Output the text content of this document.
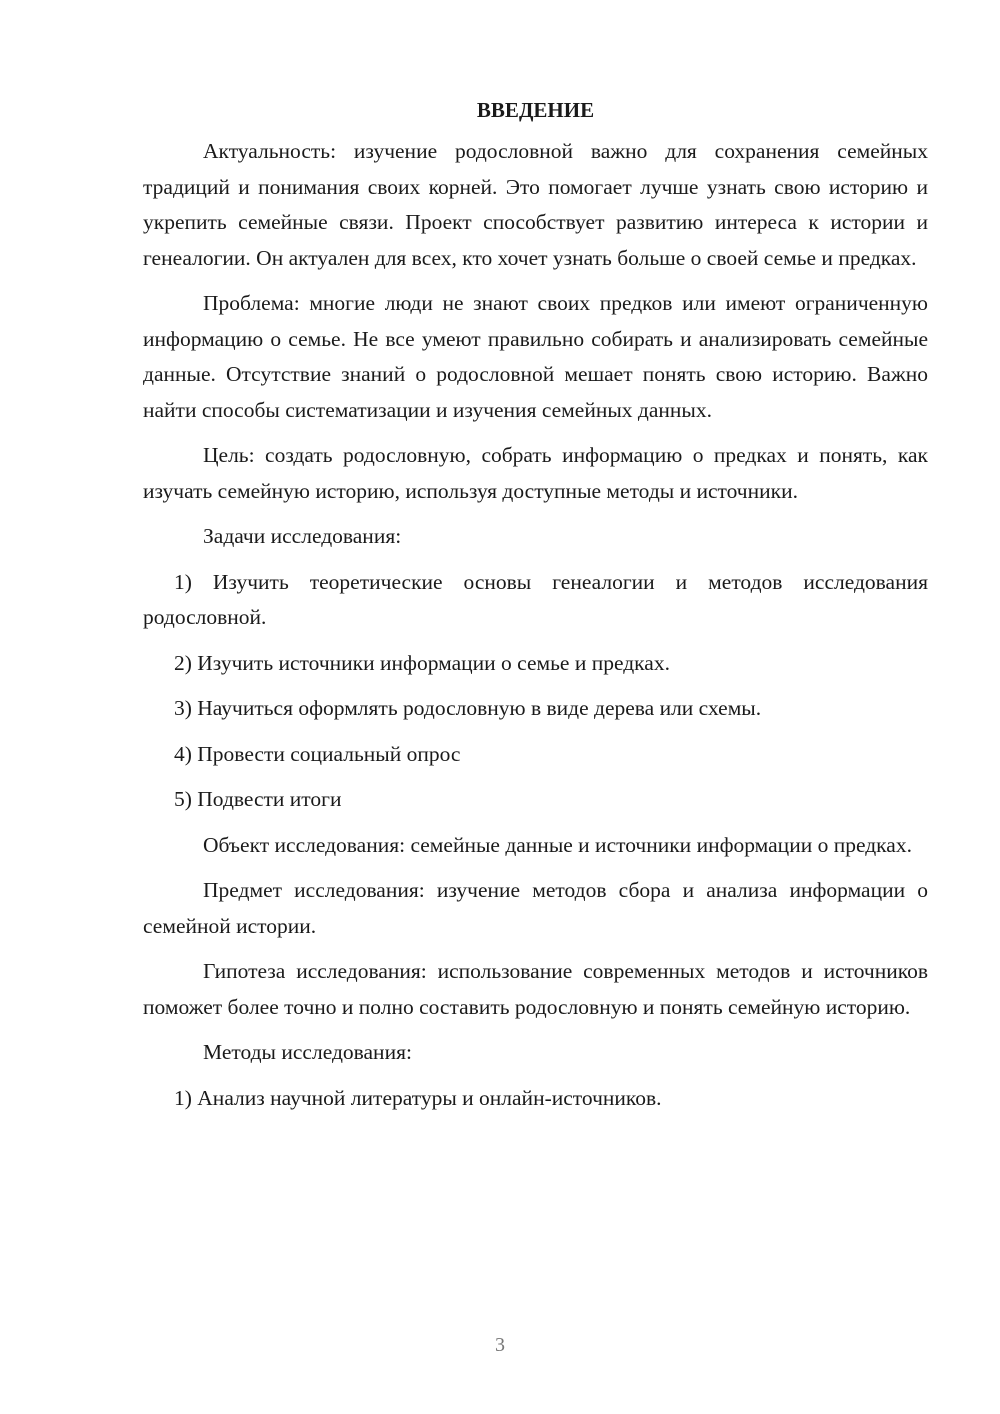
ВВЕДЕНИЕ

Актуальность: изучение родословной важно для сохранения семейных традиций и понимания своих корней. Это помогает лучше узнать свою историю и укрепить семейные связи. Проект способствует развитию интереса к истории и генеалогии. Он актуален для всех, кто хочет узнать больше о своей семье и предках.

Проблема: многие люди не знают своих предков или имеют ограниченную информацию о семье. Не все умеют правильно собирать и анализировать семейные данные. Отсутствие знаний о родословной мешает понять свою историю. Важно найти способы систематизации и изучения семейных данных.

Цель: создать родословную, собрать информацию о предках и понять, как изучать семейную историю, используя доступные методы и источники.

Задачи исследования:

1) Изучить теоретические основы генеалогии и методов исследования родословной.

2) Изучить источники информации о семье и предках.

3) Научиться оформлять родословную в виде дерева или схемы.

4) Провести социальный опрос

5) Подвести итоги

Объект исследования: семейные данные и источники информации о предках.

Предмет исследования: изучение методов сбора и анализа информации о семейной истории.

Гипотеза исследования: использование современных методов и источников поможет более точно и полно составить родословную и понять семейную историю.

Методы исследования:

1) Анализ научной литературы и онлайн-источников.

3
